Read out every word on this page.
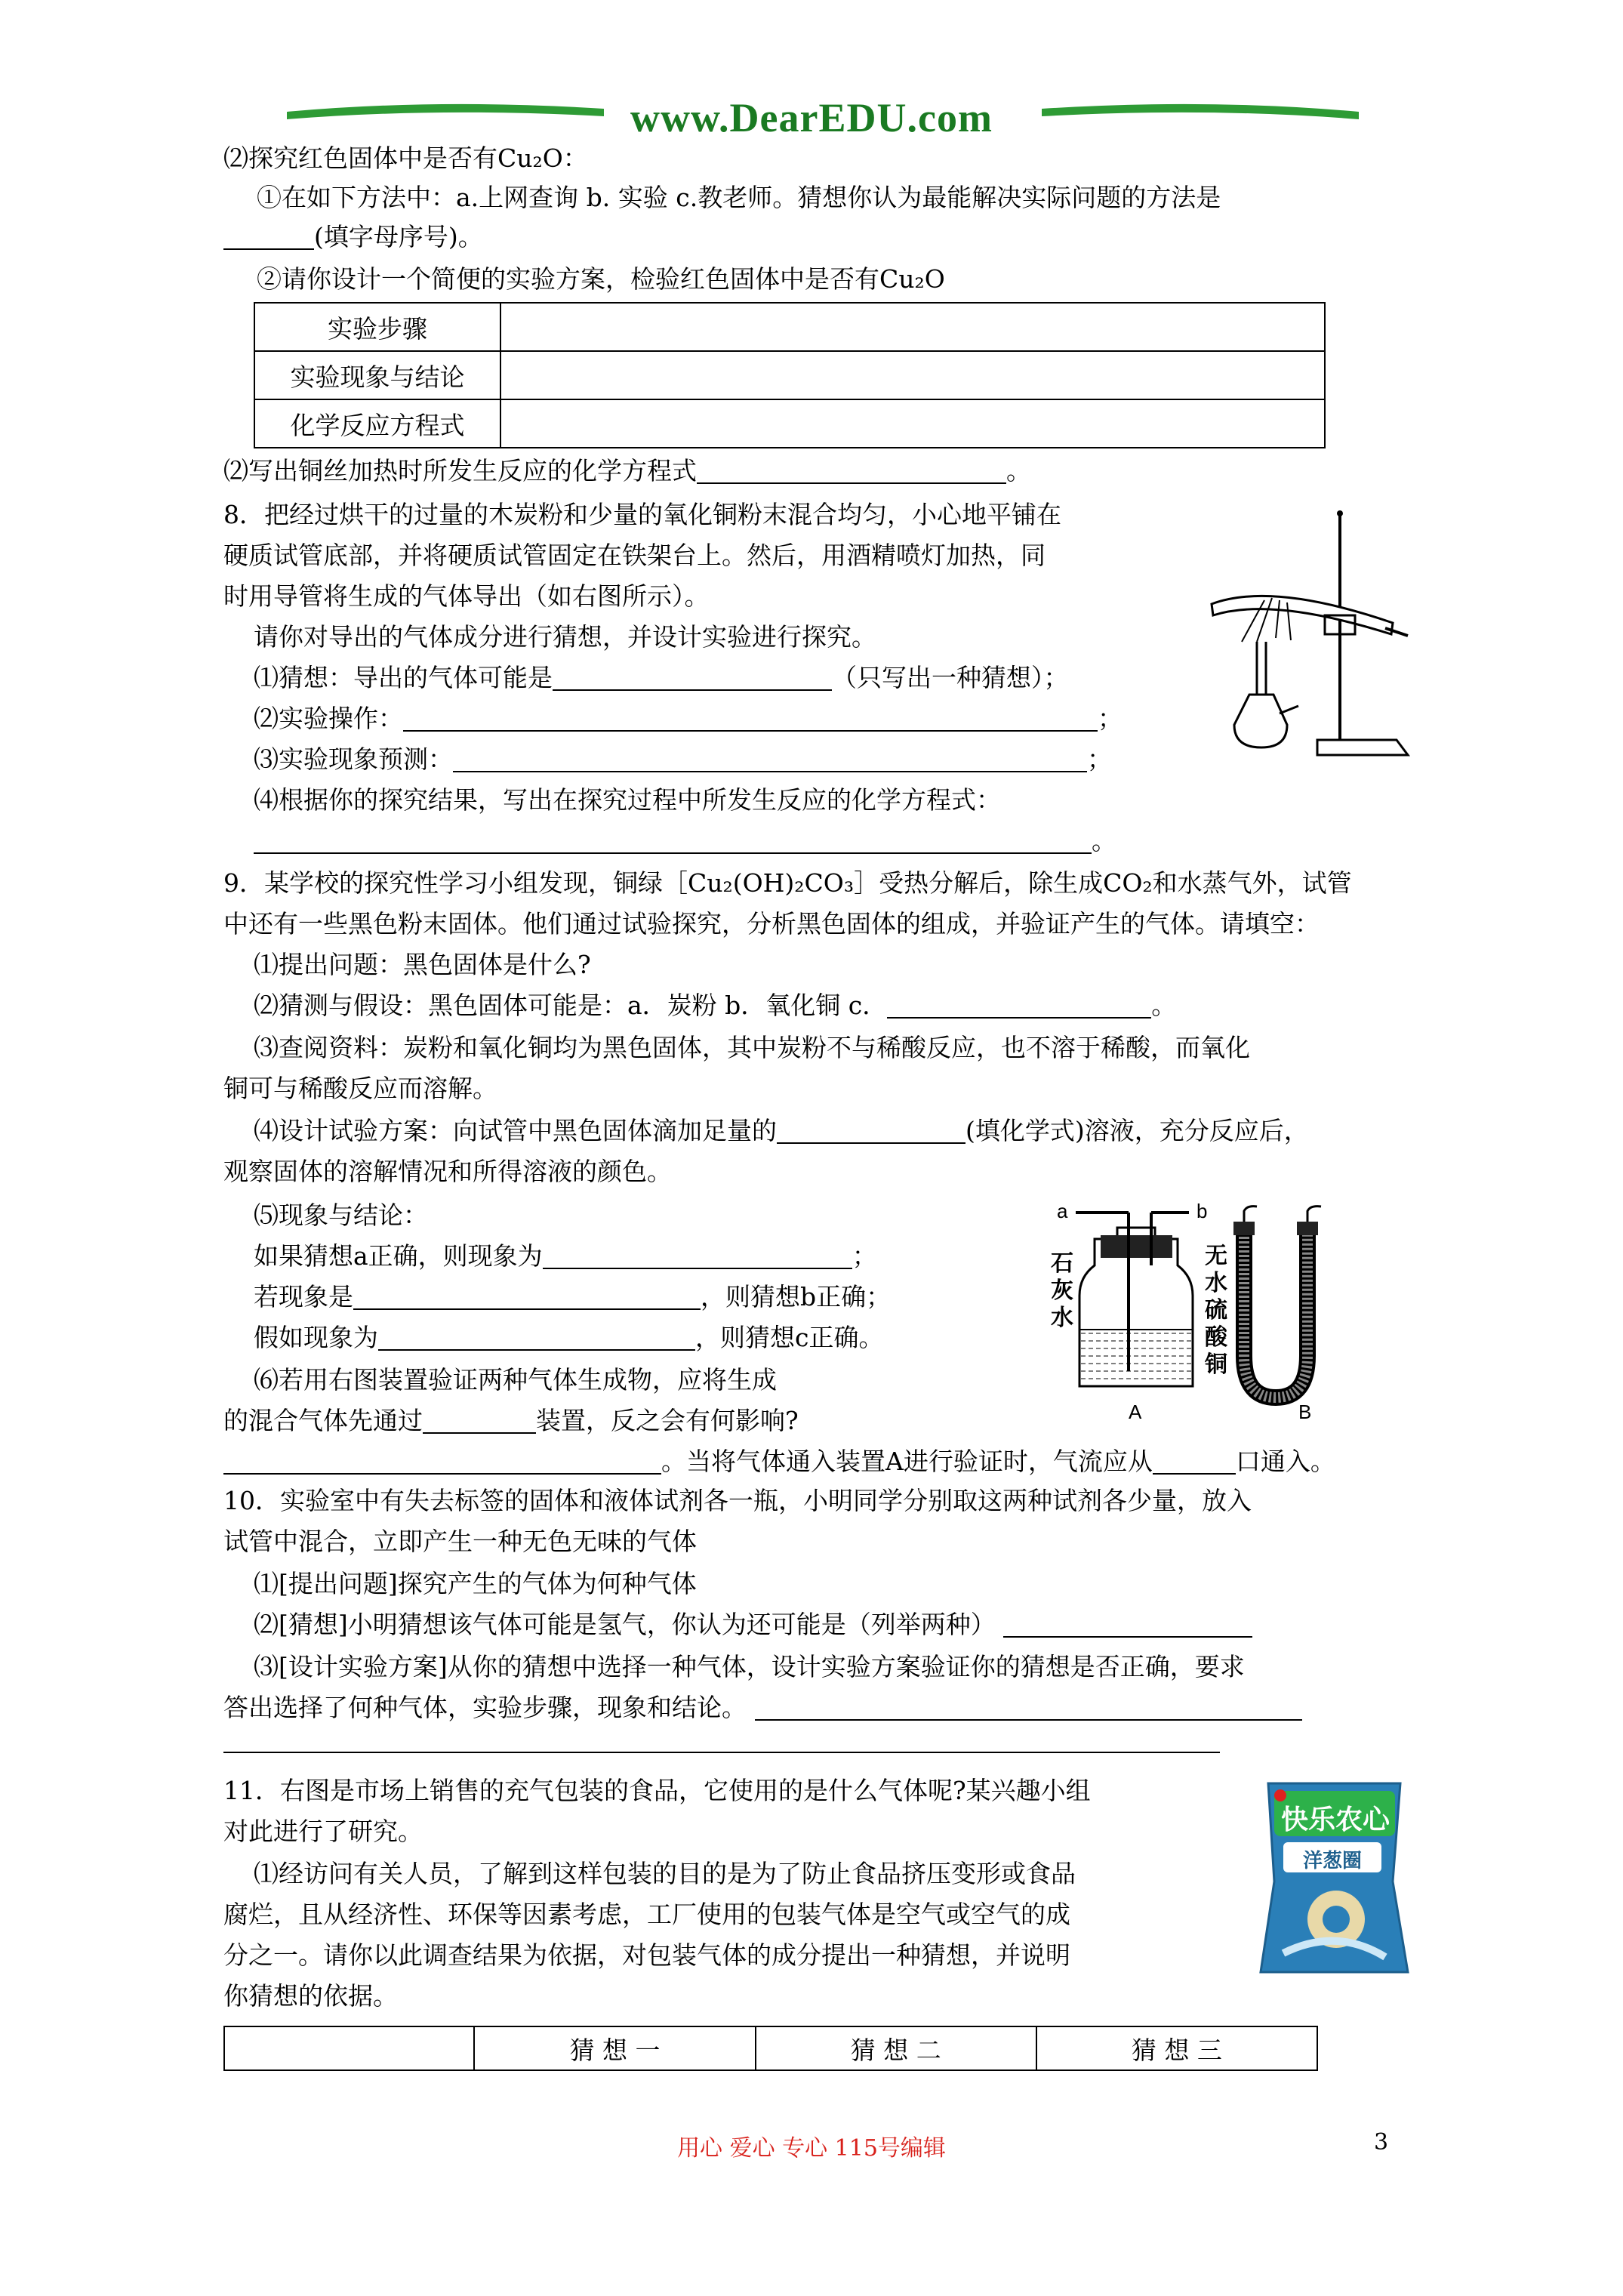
www.DearEDU.com
⑵探究红色固体中是否有Cu₂O：
①在如下方法中：a.上网查询 b. 实验 c.教老师。猜想你认为最能解决实际问题的方法是
(填字母序号)。
②请你设计一个简便的实验方案，检验红色固体中是否有Cu₂O
实验步骤	
实验现象与结论	
化学反应方程式	
⑵写出铜丝加热时所发生反应的化学方程式	。
8．把经过烘干的过量的木炭粉和少量的氧化铜粉末混合均匀，小心地平铺在
硬质试管底部，并将硬质试管固定在铁架台上。然后，用酒精喷灯加热，同
时用导管将生成的气体导出（如右图所示）。
请你对导出的气体成分进行猜想，并设计实验进行探究。
⑴猜想：导出的气体可能是	（只写出一种猜想）；
⑵实验操作：	；
⑶实验现象预测：	；
⑷根据你的探究结果，写出在探究过程中所发生反应的化学方程式：
。
9．某学校的探究性学习小组发现，铜绿［Cu₂(OH)₂CO₃］受热分解后，除生成CO₂和水蒸气外，试管
中还有一些黑色粉末固体。他们通过试验探究，分析黑色固体的组成，并验证产生的气体。请填空：
⑴提出问题：黑色固体是什么?
⑵猜测与假设：黑色固体可能是：a．炭粉 b．氧化铜 c．	。
⑶查阅资料：炭粉和氧化铜均为黑色固体，其中炭粉不与稀酸反应，也不溶于稀酸，而氧化
铜可与稀酸反应而溶解。
⑷设计试验方案：向试管中黑色固体滴加足量的	(填化学式)溶液，充分反应后，
观察固体的溶解情况和所得溶液的颜色。
⑸现象与结论：
如果猜想a正确，则现象为	；
若现象是	，则猜想b正确；
假如现象为	，则猜想c正确。
⑹若用右图装置验证两种气体生成物，应将生成
的混合气体先通过	装置，反之会有何影响?
。当将气体通入装置A进行验证时，气流应从	口通入。
a	b
A	B
石灰水
无水硫酸铜
10．实验室中有失去标签的固体和液体试剂各一瓶，小明同学分别取这两种试剂各少量，放入
试管中混合，立即产生一种无色无味的气体
⑴[提出问题]探究产生的气体为何种气体
⑵[猜想]小明猜想该气体可能是氢气，你认为还可能是（列举两种）
⑶[设计实验方案]从你的猜想中选择一种气体，设计实验方案验证你的猜想是否正确，要求
答出选择了何种气体，实验步骤，现象和结论。
11．右图是市场上销售的充气包装的食品，它使用的是什么气体呢?某兴趣小组
对此进行了研究。
⑴经访问有关人员，了解到这样包装的目的是为了防止食品挤压变形或食品
腐烂，且从经济性、环保等因素考虑，工厂使用的包装气体是空气或空气的成
分之一。请你以此调查结果为依据，对包装气体的成分提出一种猜想，并说明
你猜想的依据。
快乐农心
洋葱圈
	猜 想 一	猜 想 二	猜 想 三
用心 爱心 专心 115号编辑	3
